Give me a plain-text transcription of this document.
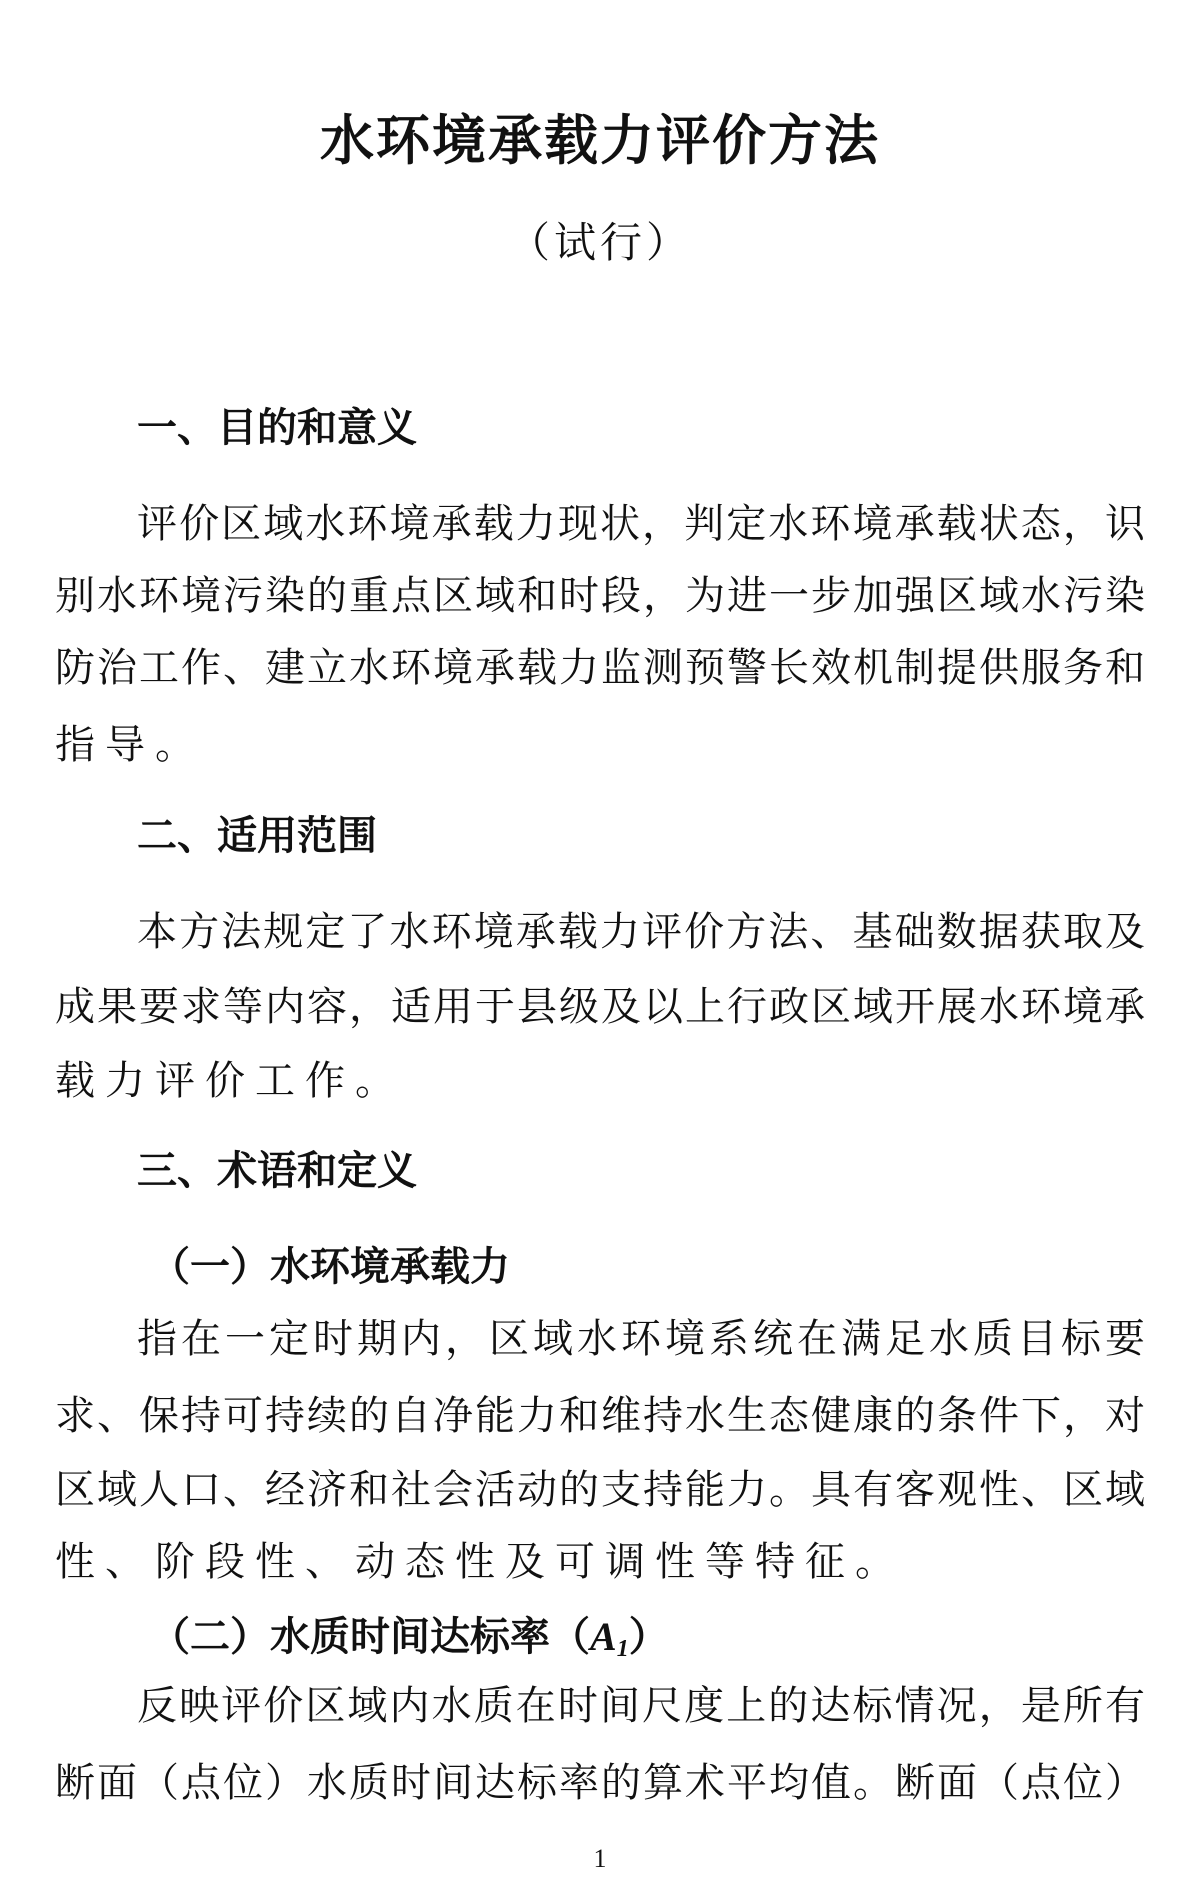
水环境承载力评价方法
（试行）
一、目的和意义
评价区域水环境承载力现状，判定水环境承载状态，识
别水环境污染的重点区域和时段，为进一步加强区域水污染
防治工作、建立水环境承载力监测预警长效机制提供服务和
指导。
二、适用范围
本方法规定了水环境承载力评价方法、基础数据获取及
成果要求等内容，适用于县级及以上行政区域开展水环境承
载力评价工作。
三、术语和定义
（一）水环境承载力
指在一定时期内，区域水环境系统在满足水质目标要
求、保持可持续的自净能力和维持水生态健康的条件下，对
区域人口、经济和社会活动的支持能力。具有客观性、区域
性、阶段性、动态性及可调性等特征。
（二）水质时间达标率$(A_1)$
反映评价区域内水质在时间尺度上的达标情况，是所有
断面（点位）水质时间达标率的算术平均值。断面（点位）
1
